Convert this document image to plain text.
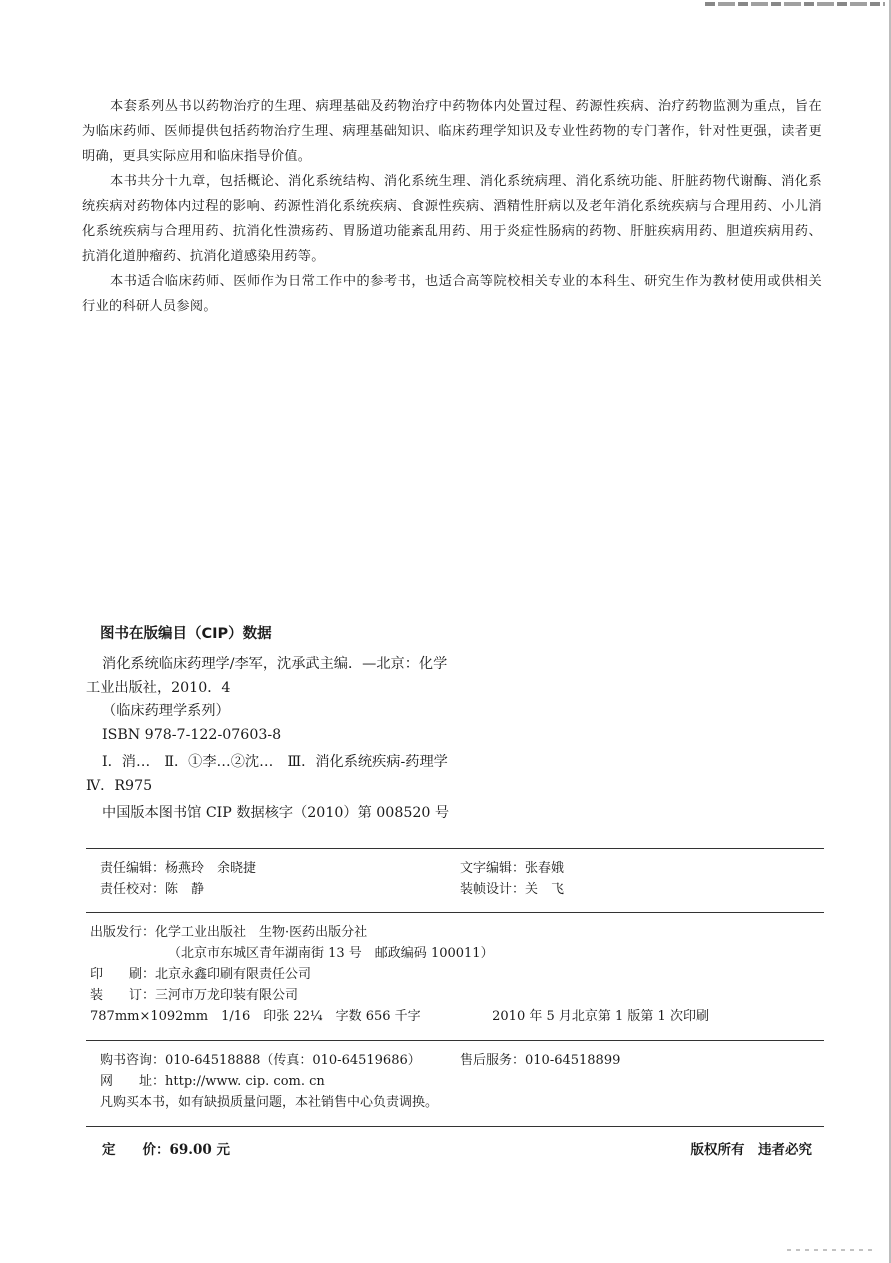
本套系列丛书以药物治疗的生理、病理基础及药物治疗中药物体内处置过程、药源性疾病、治疗药物监测为重点，旨在为临床药师、医师提供包括药物治疗生理、病理基础知识、临床药理学知识及专业性药物的专门著作，针对性更强，读者更明确，更具实际应用和临床指导价值。

本书共分十九章，包括概论、消化系统结构、消化系统生理、消化系统病理、消化系统功能、肝脏药物代谢酶、消化系统疾病对药物体内过程的影响、药源性消化系统疾病、食源性疾病、酒精性肝病以及老年消化系统疾病与合理用药、小儿消化系统疾病与合理用药、抗消化性溃疡药、胃肠道功能紊乱用药、用于炎症性肠病的药物、肝脏疾病用药、胆道疾病用药、抗消化道肿瘤药、抗消化道感染用药等。

本书适合临床药师、医师作为日常工作中的参考书，也适合高等院校相关专业的本科生、研究生作为教材使用或供相关行业的科研人员参阅。

图书在版编目（CIP）数据
消化系统临床药理学/李军，沈承武主编．—北京：化学
工业出版社，2010．4
（临床药理学系列）
ISBN 978-7-122-07603-8
Ⅰ．消…　Ⅱ．①李…②沈…　Ⅲ．消化系统疾病-药理学
Ⅳ．R975
中国版本图书馆 CIP 数据核字（2010）第 008520 号
责任编辑：杨燕玲　余晓捷	文字编辑：张春娥
责任校对：陈　静	装帧设计：关　飞
出版发行：化学工业出版社　生物·医药出版分社
（北京市东城区青年湖南街 13 号　邮政编码 100011）
印　　刷：北京永鑫印刷有限责任公司
装　　订：三河市万龙印装有限公司
787mm×1092mm　1/16　印张 22¼　字数 656 千字	2010 年 5 月北京第 1 版第 1 次印刷
购书咨询：010-64518888（传真：010-64519686）	售后服务：010-64518899
网　　址：http://www. cip. com. cn
凡购买本书，如有缺损质量问题，本社销售中心负责调换。
定　　价：69.00 元	版权所有　违者必究
